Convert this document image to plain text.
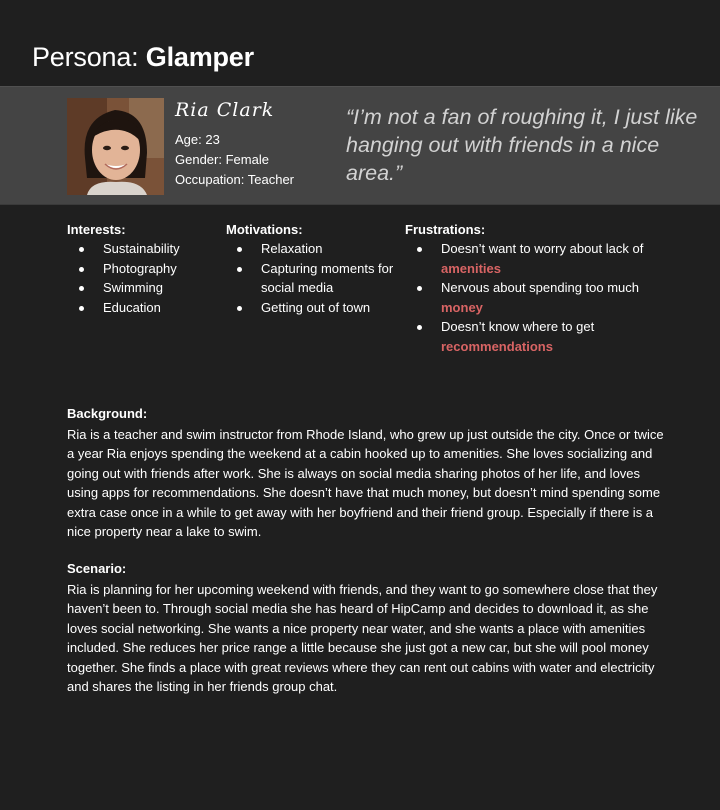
Persona: Glamper
Ria Clark
Age: 23
Gender: Female
Occupation: Teacher
“I’m not a fan of roughing it, I just like hanging out with friends in a nice area.”
Interests:
Sustainability
Photography
Swimming
Education
Motivations:
Relaxation
Capturing moments for social media
Getting out of town
Frustrations:
Doesn’t want to worry about lack of amenities
Nervous about spending too much money
Doesn’t know where to get recommendations
Background:
Ria is a teacher and swim instructor from Rhode Island, who grew up just outside the city. Once or twice a year Ria enjoys spending the weekend at a cabin hooked up to amenities. She loves socializing and going out with friends after work. She is always on social media sharing photos of her life, and loves using apps for recommendations. She doesn’t have that much money, but doesn’t mind spending some extra case once in a while to get away with her boyfriend and their friend group. Especially if there is a nice property near a lake to swim.
Scenario:
Ria is planning for her upcoming weekend with friends, and they want to go somewhere close that they haven’t been to. Through social media she has heard of HipCamp and decides to download it, as she loves social networking. She wants a nice property near water, and she wants a place with amenities included. She reduces her price range a little because she just got a new car, but she will pool money together. She finds a place with great reviews where they can rent out cabins with water and electricity and shares the listing in her friends group chat.
